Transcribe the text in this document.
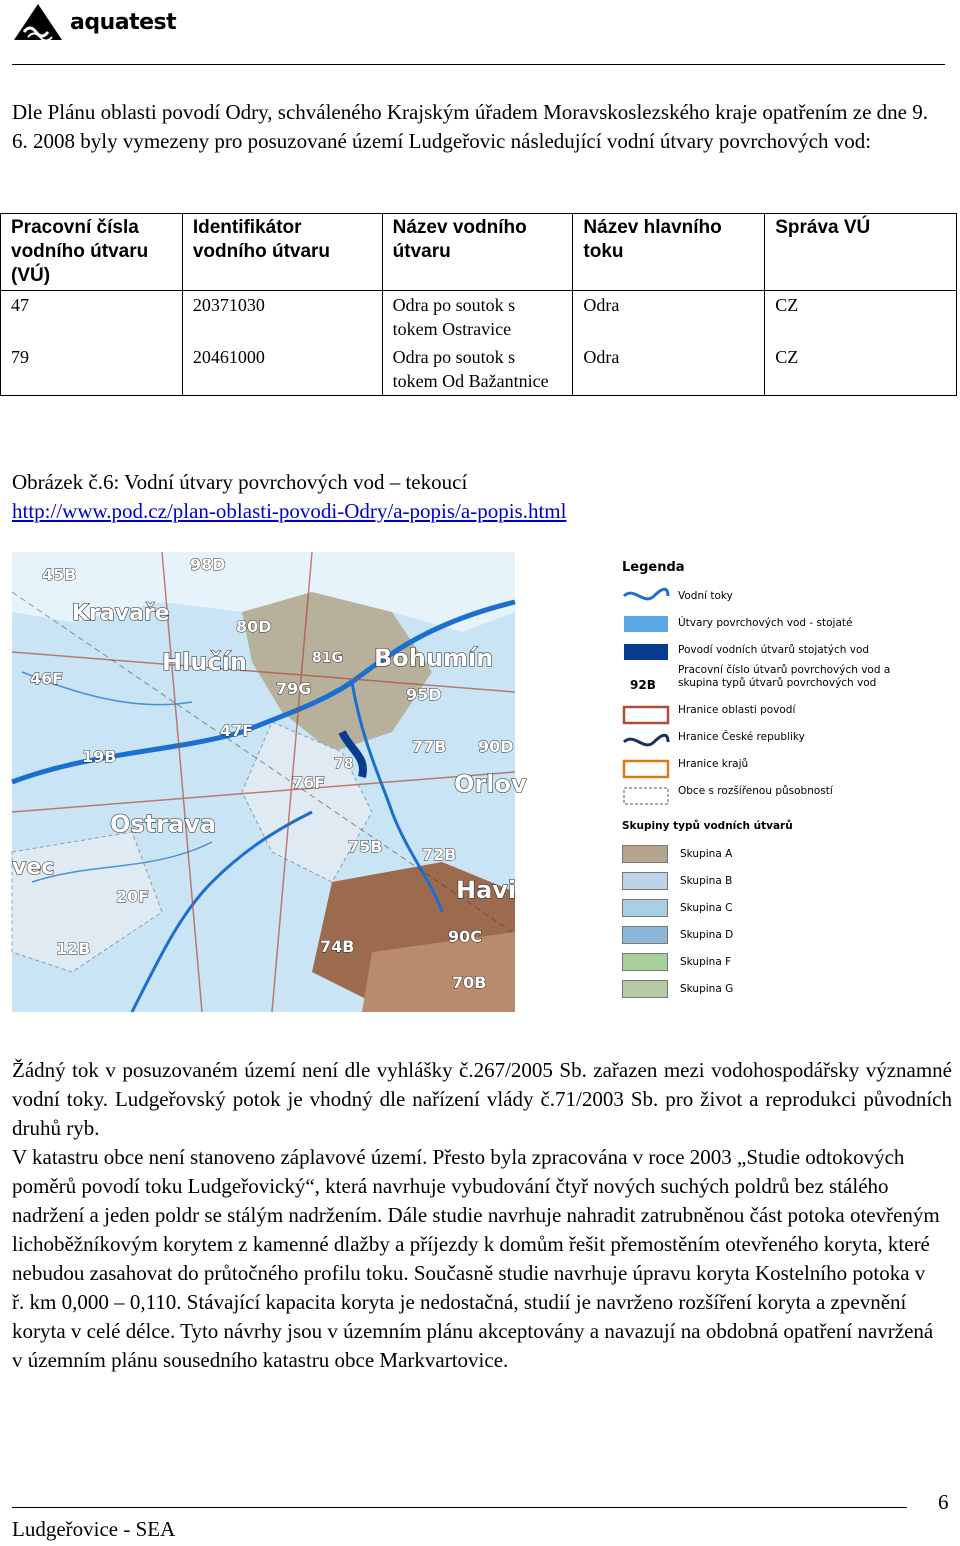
aquatest
Dle Plánu oblasti povodí Odry, schváleného Krajským úřadem Moravskoslezského kraje opatřením ze dne 9. 6. 2008 byly vymezeny pro posuzované území Ludgeřovic následující vodní útvary povrchových vod:
Pracovní čísla vodního útvaru (VÚ)	Identifikátor vodního útvaru	Název vodního útvaru	Název hlavního toku	Správa VÚ
47	20371030	Odra po soutok s tokem Ostravice	Odra	CZ
79	20461000	Odra po soutok s tokem Od Bažantnice	Odra	CZ
Obrázek č.6: Vodní útvary povrchových vod – tekoucí
http://www.pod.cz/plan-oblasti-povodi-Odry/a-popis/a-popis.html
45B
98D
Kravaře
80D
46F
Hlučín	81G Bohumín
79G	95D
47F
19B
77B 90D
78
76F
Ostrava
72B
vec
75B
20F
12B	74B
90C
70B
Orlov
Havi
Legenda
92B
Vodní toky
Útvary povrchových vod - stojaté
Povodí vodních útvarů stojatých vod
Pracovní číslo útvarů povrchových vod a skupina typů útvarů povrchových vod
Hranice oblasti povodí
Hranice České republiky
Hranice krajů
Obce s rozšířenou působností
Skupiny typů vodních útvarů
Skupina A
Skupina B
Skupina C
Skupina D
Skupina F
Skupina G
Žádný tok v posuzovaném území není dle vyhlášky č.267/2005 Sb. zařazen mezi vodohospodářsky významné vodní toky. Ludgeřovský potok je vhodný dle nařízení vlády č.71/2003 Sb. pro život a reprodukci původních druhů ryb.
V katastru obce není stanoveno záplavové území. Přesto byla zpracována v roce 2003 „Studie odtokových poměrů povodí toku Ludgeřovický“, která navrhuje vybudování čtyř nových suchých poldrů bez stálého nadržení a jeden poldr se stálým nadržením. Dále studie navrhuje nahradit zatrubněnou část potoka otevřeným lichoběžníkovým korytem z kamenné dlažby a příjezdy k domům řešit přemostěním otevřeného koryta, které nebudou zasahovat do průtočného profilu toku. Současně studie navrhuje úpravu koryta Kostelního potoka v ř. km 0,000 – 0,110. Stávající kapacita koryta je nedostačná, studií je navrženo rozšíření koryta a zpevnění koryta v celé délce. Tyto návrhy jsou v územním plánu akceptovány a navazují na obdobná opatření navržená v územním plánu sousedního katastru obce Markvartovice.
6
Ludgeřovice - SEA
